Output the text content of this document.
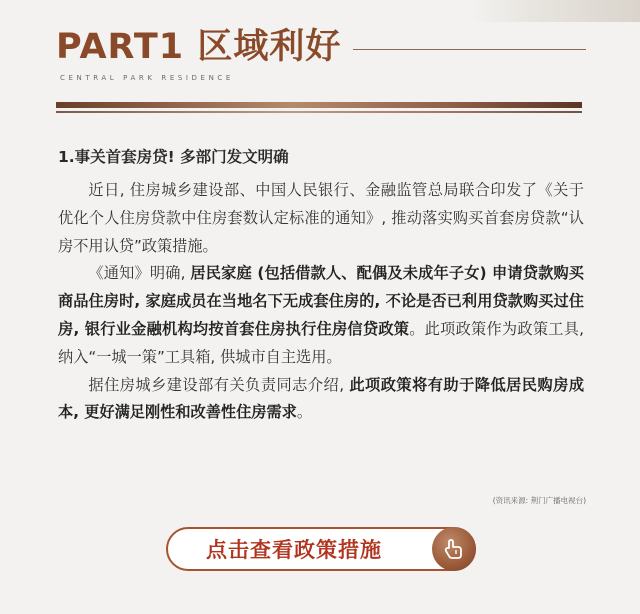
PART1 区域利好
CENTRAL PARK RESIDENCE

1.事关首套房贷! 多部门发文明确

近日, 住房城乡建设部、中国人民银行、金融监管总局联合印发了《关于优化个人住房贷款中住房套数认定标准的通知》, 推动落实购买首套房贷款“认房不用认贷”政策措施。

《通知》明确, 居民家庭 (包括借款人、配偶及未成年子女) 申请贷款购买商品住房时, 家庭成员在当地名下无成套住房的, 不论是否已利用贷款购买过住房, 银行业金融机构均按首套住房执行住房信贷政策。此项政策作为政策工具, 纳入“一城一策”工具箱, 供城市自主选用。

据住房城乡建设部有关负责同志介绍, 此项政策将有助于降低居民购房成本, 更好满足刚性和改善性住房需求。

(资讯来源: 荆门广播电视台)
点击查看政策措施
